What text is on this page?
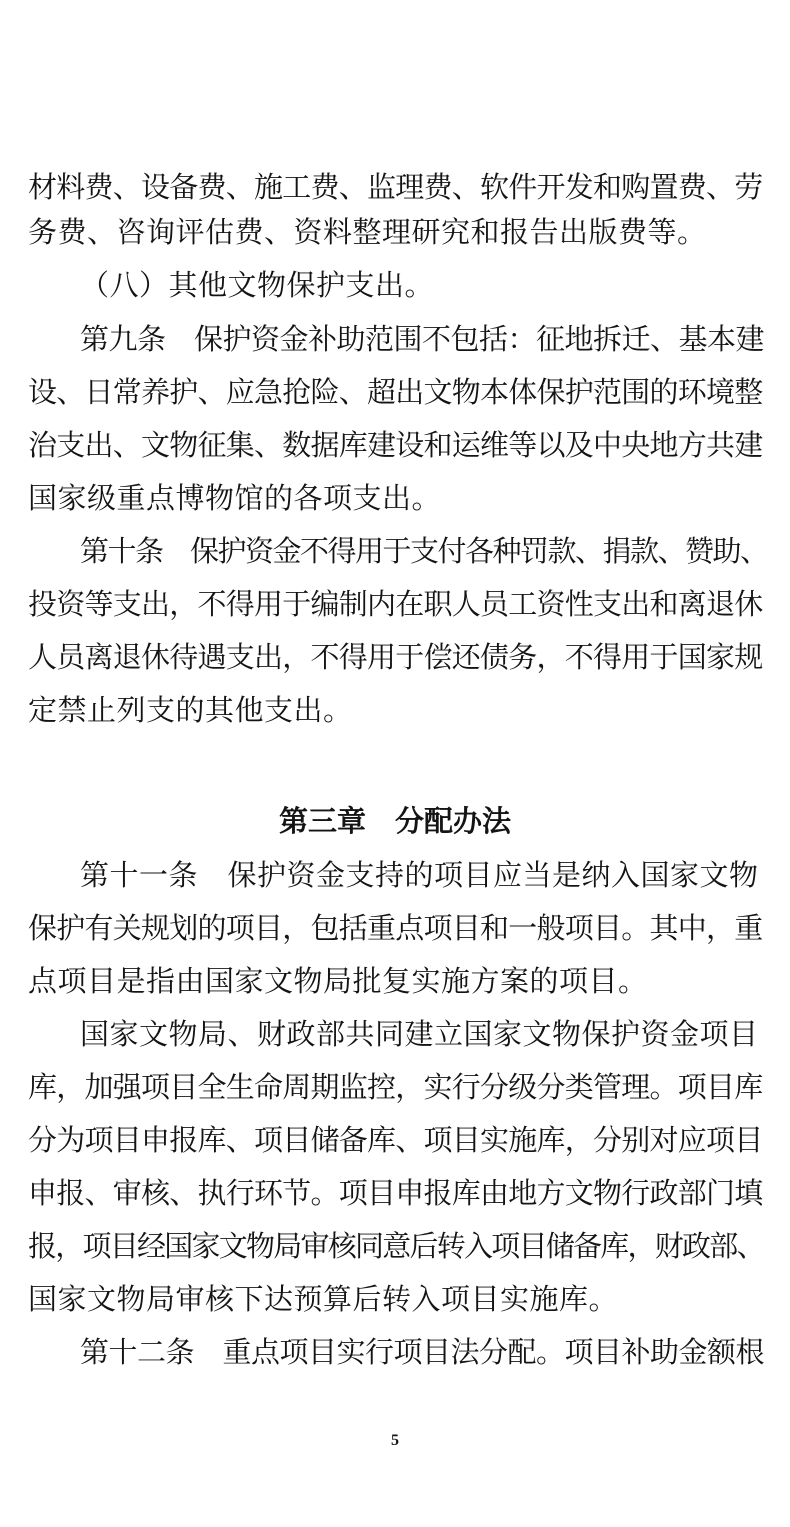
材料费、设备费、施工费、监理费、软件开发和购置费、劳
务费、咨询评估费、资料整理研究和报告出版费等。
（八）其他文物保护支出。
第九条　保护资金补助范围不包括：征地拆迁、基本建
设、日常养护、应急抢险、超出文物本体保护范围的环境整
治支出、文物征集、数据库建设和运维等以及中央地方共建
国家级重点博物馆的各项支出。
第十条　保护资金不得用于支付各种罚款、捐款、赞助、
投资等支出，不得用于编制内在职人员工资性支出和离退休
人员离退休待遇支出，不得用于偿还债务，不得用于国家规
定禁止列支的其他支出。
第三章　分配办法
第十一条　保护资金支持的项目应当是纳入国家文物
保护有关规划的项目，包括重点项目和一般项目。其中，重
点项目是指由国家文物局批复实施方案的项目。
国家文物局、财政部共同建立国家文物保护资金项目
库，加强项目全生命周期监控，实行分级分类管理。项目库
分为项目申报库、项目储备库、项目实施库，分别对应项目
申报、审核、执行环节。项目申报库由地方文物行政部门填
报，项目经国家文物局审核同意后转入项目储备库，财政部、
国家文物局审核下达预算后转入项目实施库。
第十二条　重点项目实行项目法分配。项目补助金额根
5
